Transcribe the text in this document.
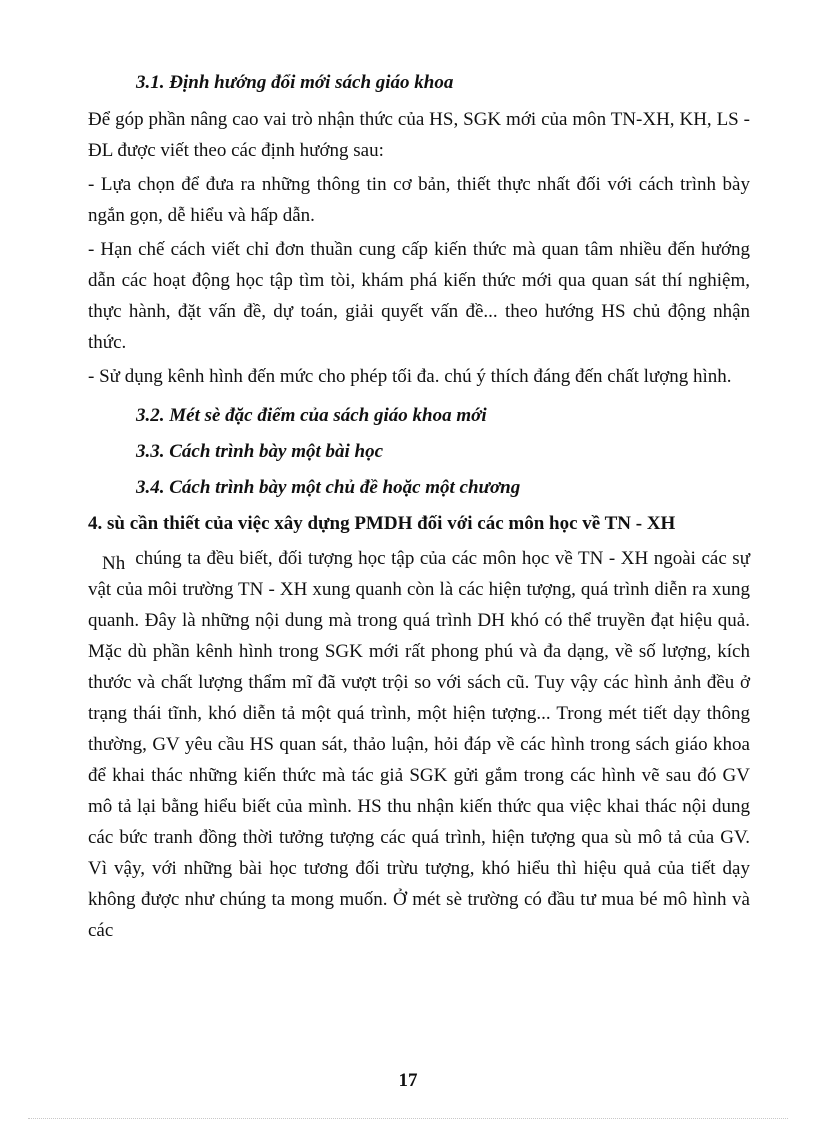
3.1. Định hướng đổi mới sách giáo khoa

Để góp phần nâng cao vai trò nhận thức của HS, SGK mới của môn TN-XH, KH, LS - ĐL được viết theo các định hướng sau:

- Lựa chọn để đưa ra những thông tin cơ bản, thiết thực nhất đối với cách trình bày ngắn gọn, dễ hiểu và hấp dẫn.

- Hạn chế cách viết chỉ đơn thuần cung cấp kiến thức mà quan tâm nhiều đến hướng dẫn các hoạt động học tập tìm tòi, khám phá kiến thức mới qua quan sát thí nghiệm, thực hành, đặt vấn đề, dự toán, giải quyết vấn đề... theo hướng HS chủ động nhận thức.

- Sử dụng kênh hình đến mức cho phép tối đa. chú ý thích đáng đến chất lượng hình.

3.2. Mét sè đặc điểm của sách giáo khoa mới
3.3. Cách trình bày một bài học
3.4. Cách trình bày một chủ đề hoặc một chương
4. sù cần thiết của việc xây dựng PMDH đối với các môn học về TN - XH

Nh chúng ta đều biết, đối tượng học tập của các môn học về TN - XH ngoài các sự vật của môi trường TN - XH xung quanh còn là các hiện tượng, quá trình diễn ra xung quanh. Đây là những nội dung mà trong quá trình DH khó có thể truyền đạt hiệu quả. Mặc dù phần kênh hình trong SGK mới rất phong phú và đa dạng, về số lượng, kích thước và chất lượng thẩm mĩ đã vượt trội so với sách cũ. Tuy vậy các hình ảnh đều ở trạng thái tĩnh, khó diễn tả một quá trình, một hiện tượng... Trong mét tiết dạy thông thường, GV yêu cầu HS quan sát, thảo luận, hỏi đáp về các hình trong sách giáo khoa để khai thác những kiến thức mà tác giả SGK gửi gắm trong các hình vẽ sau đó GV mô tả lại bằng hiểu biết của mình. HS thu nhận kiến thức qua việc khai thác nội dung các bức tranh đồng thời tưởng tượng các quá trình, hiện tượng qua sù mô tả của GV. Vì vậy, với những bài học tương đối trừu tượng, khó hiểu thì hiệu quả của tiết dạy không được như chúng ta mong muốn. Ở mét sè trường có đầu tư mua bé mô hình và các

17
